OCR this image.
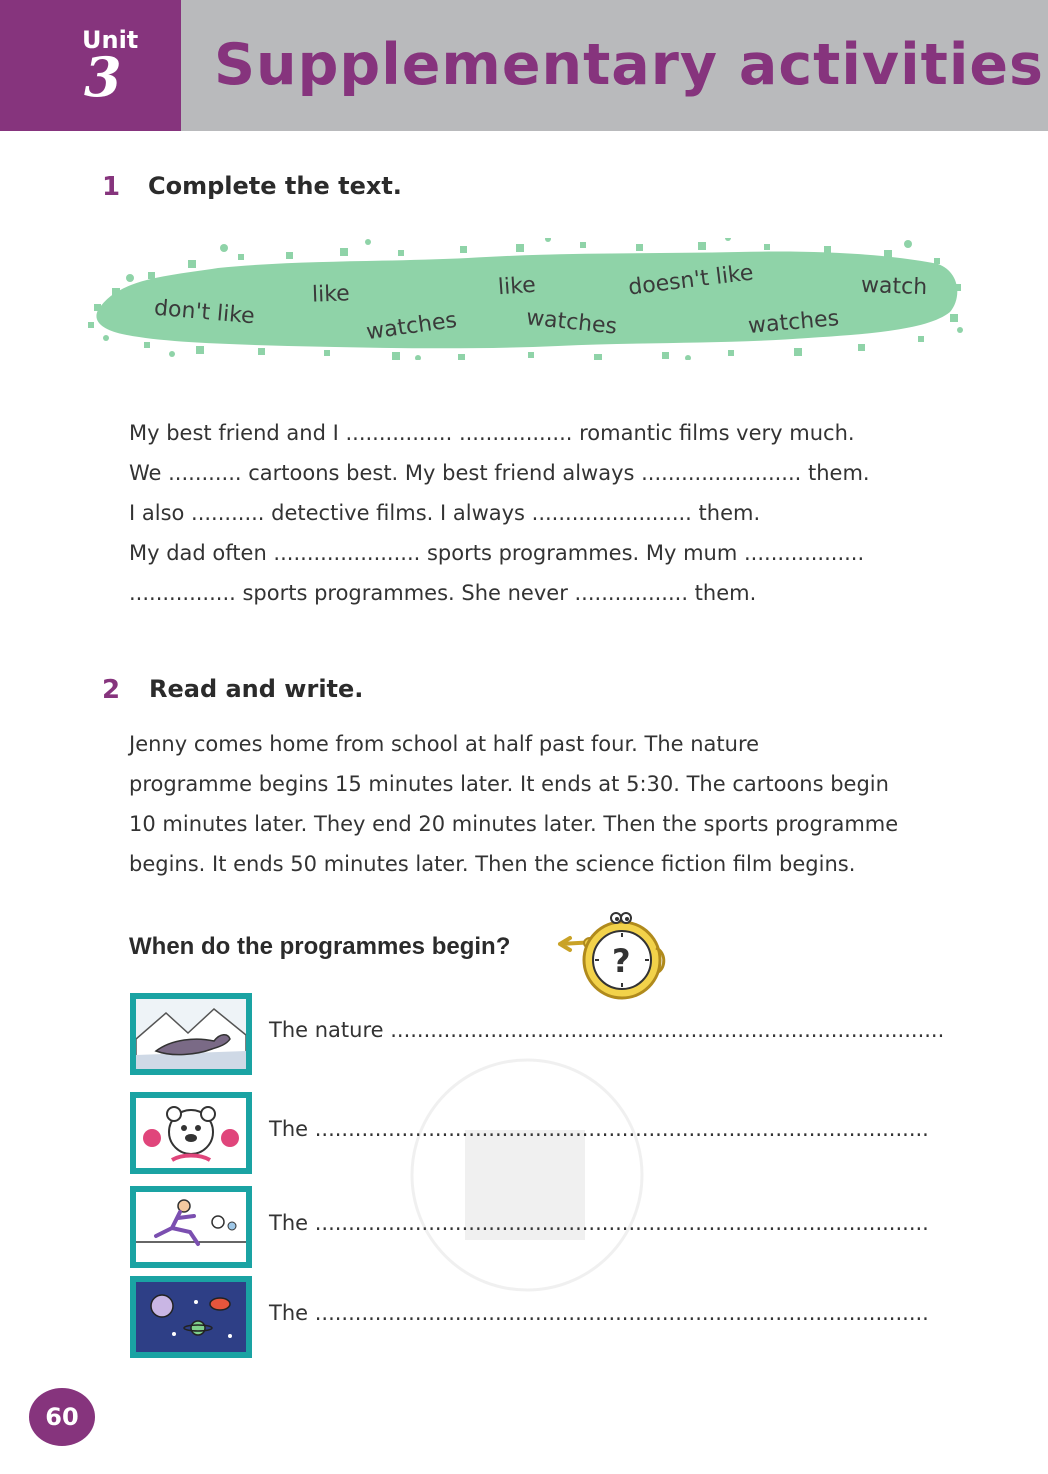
Unit
3 Supplementary activities
1 Complete the text.
don't like
like
watches
like
watches
doesn't like
watches
watch
My best friend and I ................ ................. romantic films very much.
We ........... cartoons best. My best friend always ........................ them.
I also ........... detective films. I always ........................ them.
My dad often ...................... sports programmes. My mum ..................
................ sports programmes. She never ................. them.
2 Read and write.
Jenny comes home from school at half past four. The nature
programme begins 15 minutes later. It ends at 5:30. The cartoons begin
10 minutes later. They end 20 minutes later. Then the sports programme
begins. It ends 50 minutes later. Then the science fiction film begins.
When do the programmes begin?	?
The nature ...................................................................................
The ............................................................................................
The ............................................................................................
The ............................................................................................
60
